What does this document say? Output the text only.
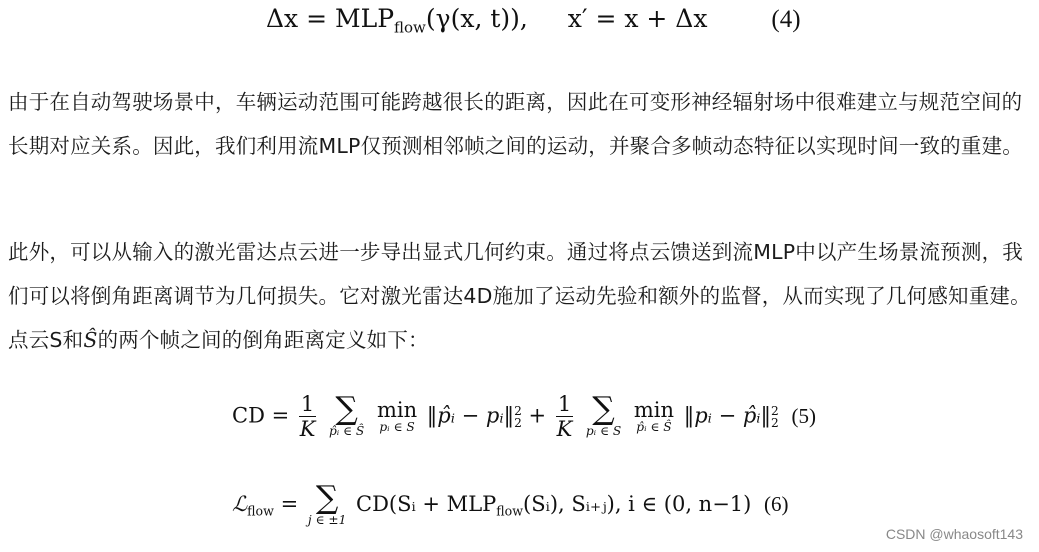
$\Delta x = MLP_{flow}(\gamma(x$, t)), x′ = x + Δx	(4)

由于在自动驾驶场景中，车辆运动范围可能跨越很长的距离，因此在可变形神经辐射场中很难建立与规范空间的长期对应关系。因此，我们利用流MLP仅预测相邻帧之间的运动，并聚合多帧动态特征以实现时间一致的重建。

此外，可以从输入的激光雷达点云进一步导出显式几何约束。通过将点云馈送到流MLP中以产生场景流预测，我们可以将倒角距离调节为几何损失。它对激光雷达4D施加了运动先验和额外的监督，从而实现了几何感知重建。点云S和Ŝ的两个帧之间的倒角距离定义如下：

CD = $\frac{1}{K}$
∑
p̂ᵢ ∈ Ŝ

min
pᵢ ∈ S ‖p̂ᵢ − pᵢ‖ 2
$2 + \frac{1}{K}$
∑
pᵢ ∈ S

min
p̂ᵢ ∈ Ŝ ‖pᵢ − p̂ᵢ‖ 2
2 (5)
ℒ$_{flow}$ = ∑
j ∈ ±1
CD(Sᵢ + $MLP_{flow}(Sᵢ)$, Sᵢ₊ⱼ), i ∈ (0, n−1) (6)
CSDN @whaosoft143
